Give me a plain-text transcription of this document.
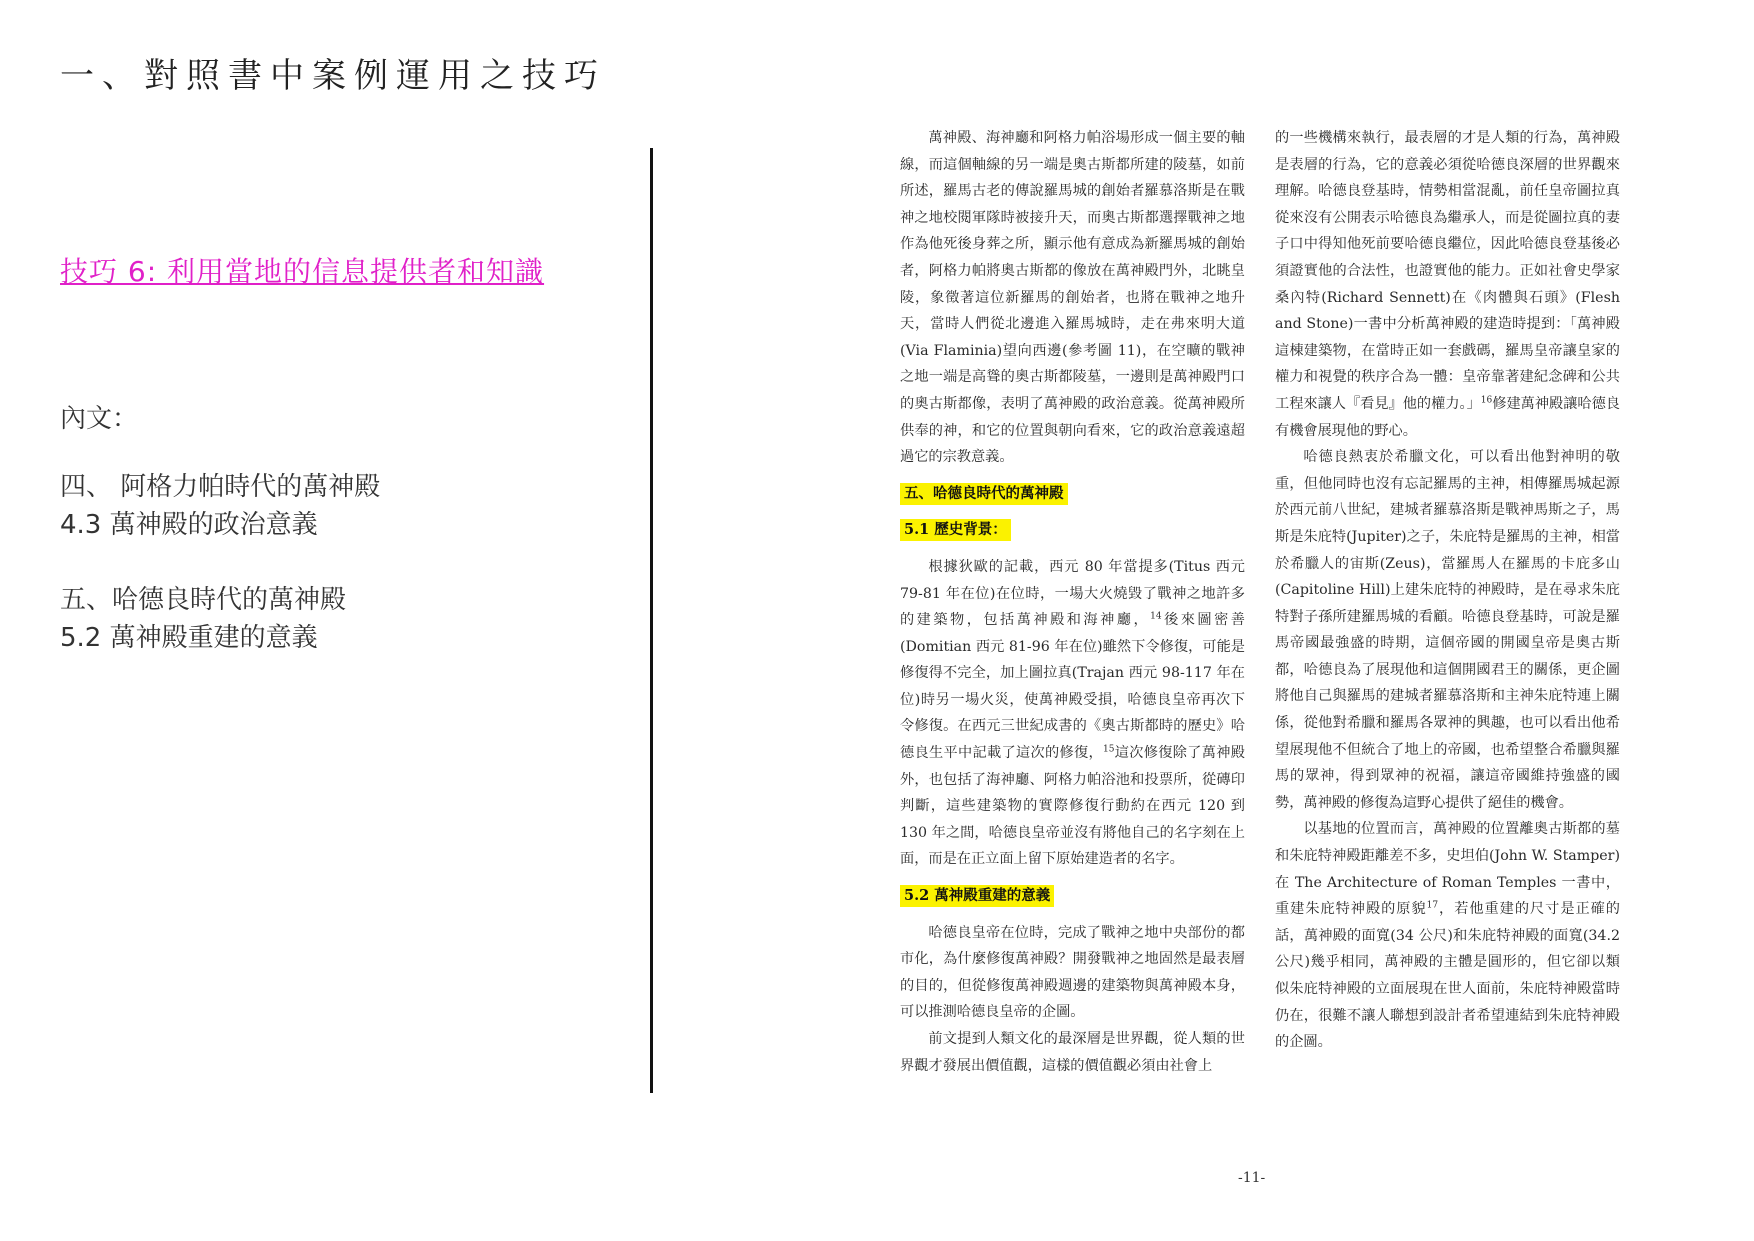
一、對照書中案例運用之技巧
技巧 6: 利用當地的信息提供者和知識
內文：
四、 阿格力帕時代的萬神殿
4.3 萬神殿的政治意義
五、哈德良時代的萬神殿
5.2 萬神殿重建的意義

萬神殿、海神廳和阿格力帕浴場形成一個主要的軸線，而這個軸線的另一端是奧古斯都所建的陵墓，如前所述，羅馬古老的傳說羅馬城的創始者羅慕洛斯是在戰神之地校閱軍隊時被接升天，而奧古斯都選擇戰神之地作為他死後身葬之所，顯示他有意成為新羅馬城的創始者，阿格力帕將奧古斯都的像放在萬神殿門外，北眺皇陵，象徵著這位新羅馬的創始者，也將在戰神之地升天，當時人們從北邊進入羅馬城時，走在弗來明大道(Via Flaminia)望向西邊(參考圖 11)，在空曠的戰神之地一端是高聳的奧古斯都陵墓，一邊則是萬神殿門口的奧古斯都像，表明了萬神殿的政治意義。從萬神殿所供奉的神，和它的位置與朝向看來，它的政治意義遠超過它的宗教意義。

五、哈德良時代的萬神殿
5.1 歷史背景：

根據狄歐的記載，西元 80 年當提多(Titus 西元 79-81 年在位)在位時，一場大火燒毀了戰神之地許多的建築物，包括萬神殿和海神廳，$^{14}$後來圖密善(Domitian 西元 81-96 年在位)雖然下令修復，可能是修復得不完全，加上圖拉真(Trajan 西元 98-117 年在位)時另一場火災，使萬神殿受損，哈德良皇帝再次下令修復。在西元三世紀成書的《奧古斯都時的歷史》哈德良生平中記載了這次的修復，$^{15}$這次修復除了萬神殿外，也包括了海神廳、阿格力帕浴池和投票所，從磚印判斷，這些建築物的實際修復行動約在西元 120 到 130 年之間，哈德良皇帝並沒有將他自己的名字刻在上面，而是在正立面上留下原始建造者的名字。

5.2 萬神殿重建的意義

哈德良皇帝在位時，完成了戰神之地中央部份的都市化，為什麼修復萬神殿？開發戰神之地固然是最表層的目的，但從修復萬神殿週邊的建築物與萬神殿本身，可以推測哈德良皇帝的企圖。

前文提到人類文化的最深層是世界觀，從人類的世界觀才發展出價值觀，這樣的價值觀必須由社會上

的一些機構來執行，最表層的才是人類的行為，萬神殿是表層的行為，它的意義必須從哈德良深層的世界觀來理解。哈德良登基時，情勢相當混亂，前任皇帝圖拉真從來沒有公開表示哈德良為繼承人，而是從圖拉真的妻子口中得知他死前要哈德良繼位，因此哈德良登基後必須證實他的合法性，也證實他的能力。正如社會史學家桑內特(Richard Sennett)在《肉體與石頭》(Flesh and Stone)一書中分析萬神殿的建造時提到：「萬神殿這棟建築物，在當時正如一套戲碼，羅馬皇帝讓皇家的權力和視覺的秩序合為一體：皇帝靠著建紀念碑和公共工程來讓人『看見』他的權力。」$^{16}$修建萬神殿讓哈德良有機會展現他的野心。

哈德良熱衷於希臘文化，可以看出他對神明的敬重，但他同時也沒有忘記羅馬的主神，相傳羅馬城起源於西元前八世紀，建城者羅慕洛斯是戰神馬斯之子，馬斯是朱庇特(Jupiter)之子，朱庇特是羅馬的主神，相當於希臘人的宙斯(Zeus)，當羅馬人在羅馬的卡庇多山(Capitoline Hill)上建朱庇特的神殿時，是在尋求朱庇特對子孫所建羅馬城的看顧。哈德良登基時，可說是羅馬帝國最強盛的時期，這個帝國的開國皇帝是奧古斯都，哈德良為了展現他和這個開國君王的關係，更企圖將他自己與羅馬的建城者羅慕洛斯和主神朱庇特連上關係，從他對希臘和羅馬各眾神的興趣，也可以看出他希望展現他不但統合了地上的帝國，也希望整合希臘與羅馬的眾神，得到眾神的祝福，讓這帝國維持強盛的國勢，萬神殿的修復為這野心提供了絕佳的機會。

以基地的位置而言，萬神殿的位置離奧古斯都的墓和朱庇特神殿距離差不多，史坦伯(John W. Stamper)在 The Architecture of Roman Temples 一書中，重建朱庇特神殿的原貌$^{17}$，若他重建的尺寸是正確的話，萬神殿的面寬(34 公尺)和朱庇特神殿的面寬(34.2 公尺)幾乎相同，萬神殿的主體是圓形的，但它卻以類似朱庇特神殿的立面展現在世人面前，朱庇特神殿當時仍在，很難不讓人聯想到設計者希望連結到朱庇特神殿的企圖。

-11-
